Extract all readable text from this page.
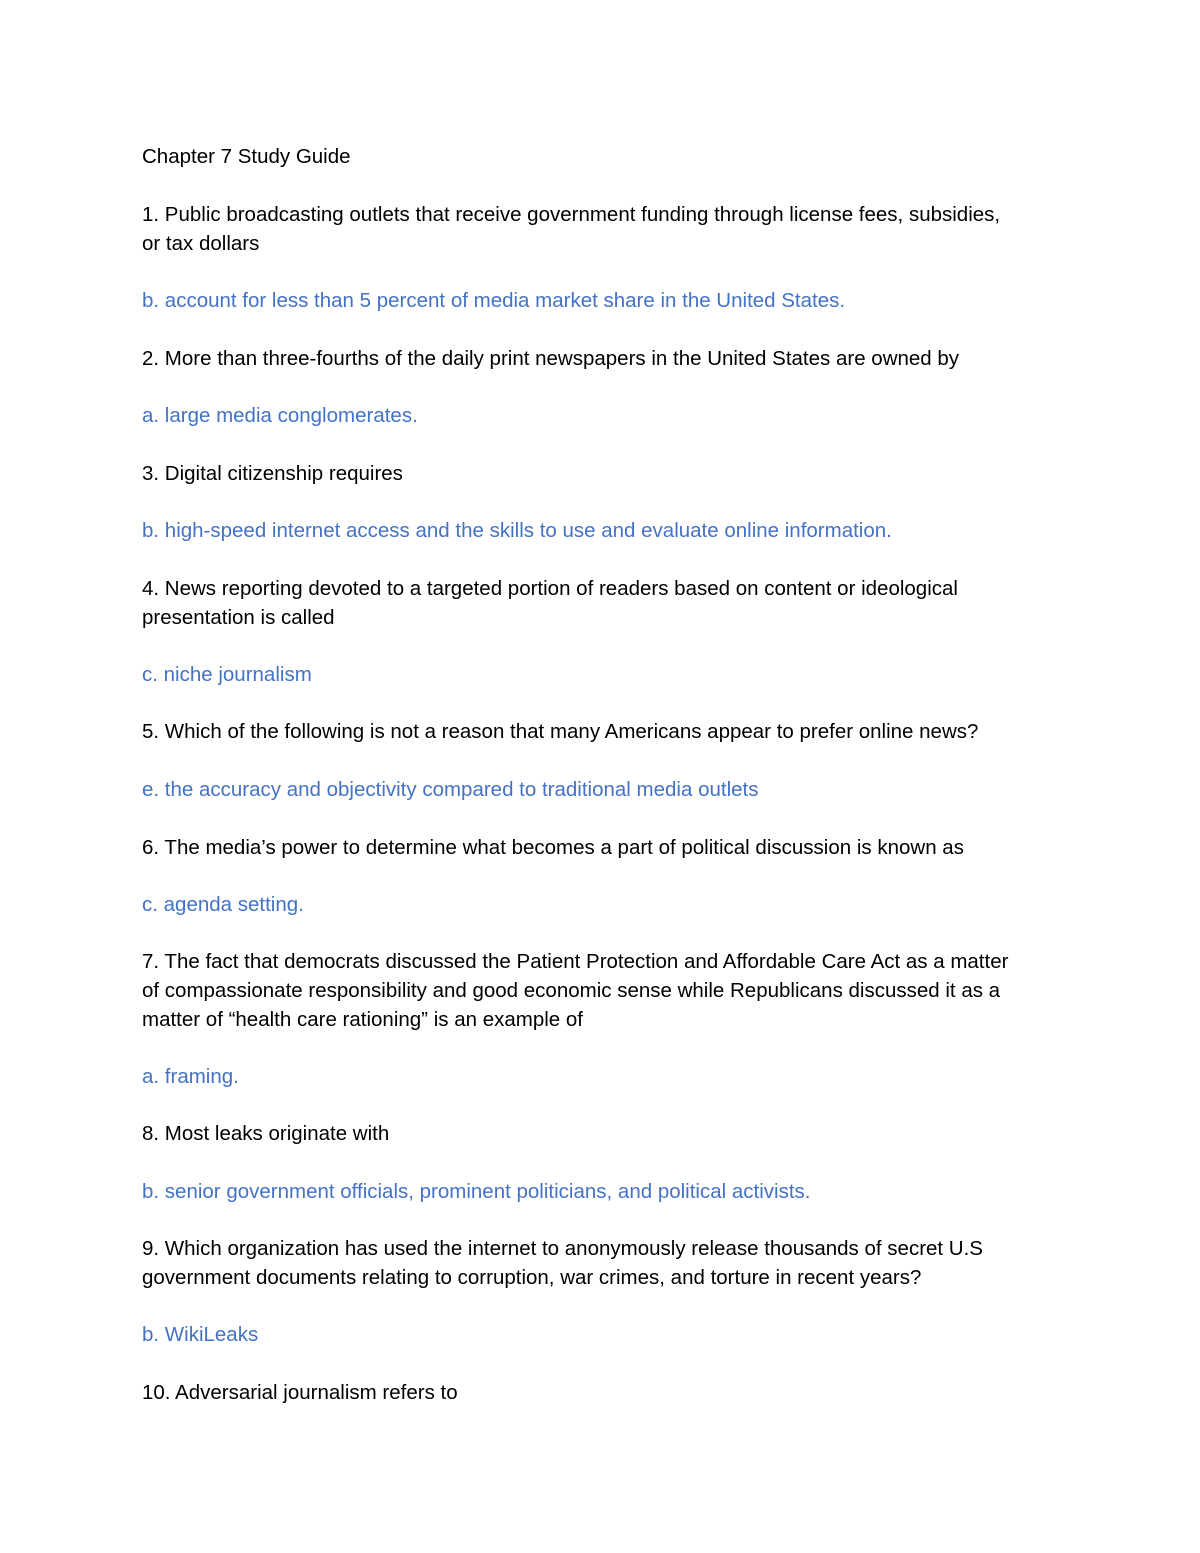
Chapter 7 Study Guide
1. Public broadcasting outlets that receive government funding through license fees, subsidies,
or tax dollars
b. account for less than 5 percent of media market share in the United States.
2. More than three-fourths of the daily print newspapers in the United States are owned by
a. large media conglomerates.
3. Digital citizenship requires
b. high-speed internet access and the skills to use and evaluate online information.
4. News reporting devoted to a targeted portion of readers based on content or ideological
presentation is called
c. niche journalism
5. Which of the following is not a reason that many Americans appear to prefer online news?
e. the accuracy and objectivity compared to traditional media outlets
6. The media’s power to determine what becomes a part of political discussion is known as
c. agenda setting.
7. The fact that democrats discussed the Patient Protection and Affordable Care Act as a matter
of compassionate responsibility and good economic sense while Republicans discussed it as a
matter of “health care rationing” is an example of
a. framing.
8. Most leaks originate with
b. senior government officials, prominent politicians, and political activists.
9. Which organization has used the internet to anonymously release thousands of secret U.S
government documents relating to corruption, war crimes, and torture in recent years?
b. WikiLeaks
10. Adversarial journalism refers to
